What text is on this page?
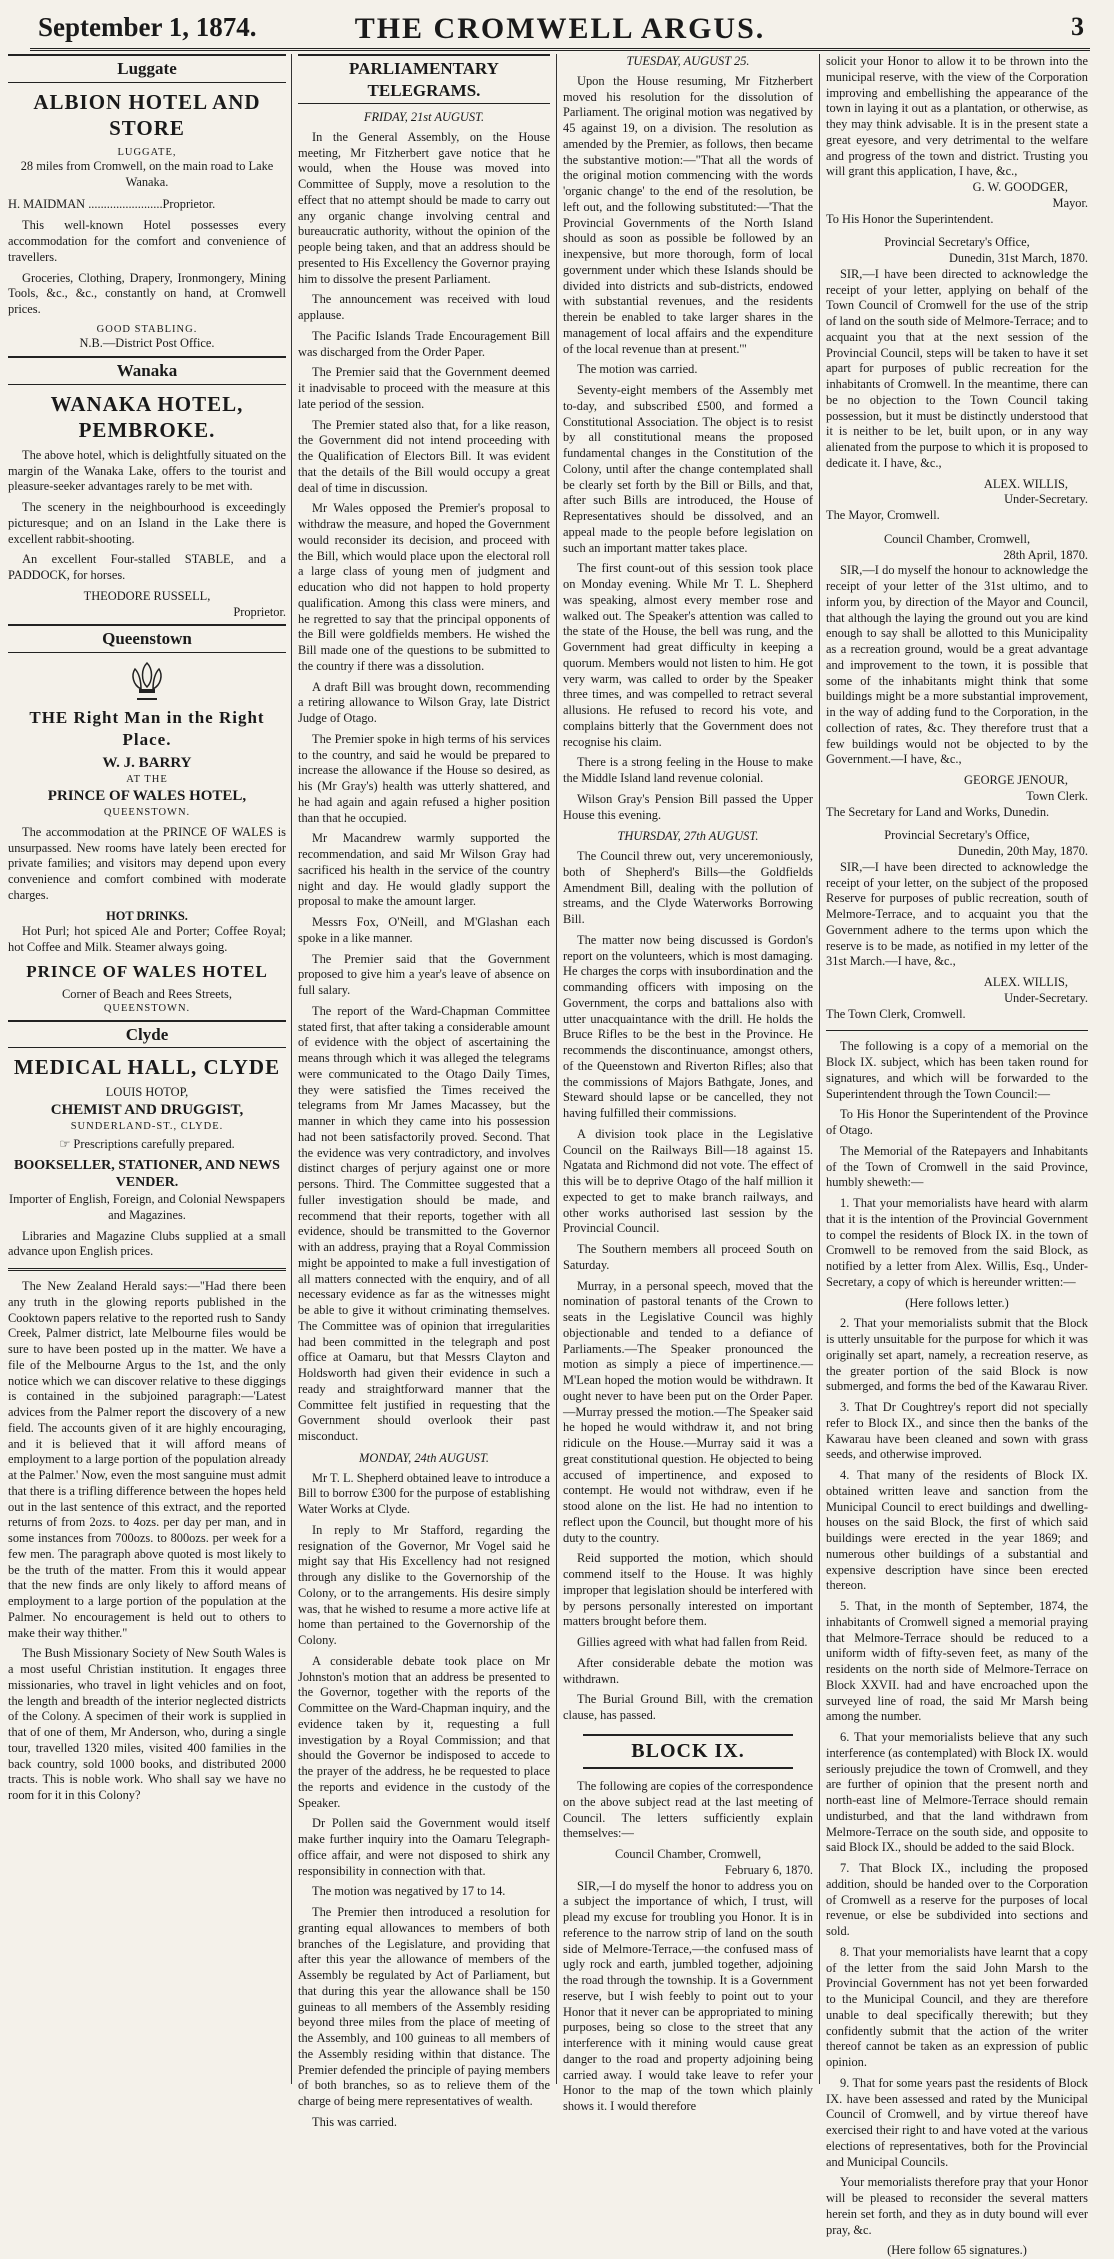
September 1, 1874.	THE CROMWELL ARGUS.	3
Luggate
ALBION HOTEL AND STORE
LUGGATE,
28 miles from Cromwell, on the main road to Lake Wanaka.
H. MAIDMAN ........................Proprietor.

This well-known Hotel possesses every accommodation for the comfort and convenience of travellers.

Groceries, Clothing, Drapery, Ironmongery, Mining Tools, &c., &c., constantly on hand, at Cromwell prices.

GOOD STABLING.
N.B.—District Post Office.
Wanaka
WANAKA HOTEL, PEMBROKE.

The above hotel, which is delightfully situated on the margin of the Wanaka Lake, offers to the tourist and pleasure-seeker advantages rarely to be met with.

The scenery in the neighbourhood is exceedingly picturesque; and on an Island in the Lake there is excellent rabbit-shooting.

An excellent Four-stalled STABLE, and a PADDOCK, for horses.

THEODORE RUSSELL,
Proprietor.
Queenstown
THE Right Man in the Right Place.
W. J. BARRY
AT THE
PRINCE OF WALES HOTEL,
QUEENSTOWN.

The accommodation at the PRINCE OF WALES is unsurpassed. New rooms have lately been erected for private families; and visitors may depend upon every convenience and comfort combined with moderate charges.

HOT DRINKS.

Hot Purl; hot spiced Ale and Porter; Coffee Royal; hot Coffee and Milk. Steamer always going.

PRINCE OF WALES HOTEL
Corner of Beach and Rees Streets,
QUEENSTOWN.
Clyde
MEDICAL HALL, CLYDE
LOUIS HOTOP,
CHEMIST AND DRUGGIST,
SUNDERLAND-ST., CLYDE.
☞ Prescriptions carefully prepared.
BOOKSELLER, STATIONER, AND NEWS VENDER.
Importer of English, Foreign, and Colonial Newspapers and Magazines.

Libraries and Magazine Clubs supplied at a small advance upon English prices.

The New Zealand Herald says:—"Had there been any truth in the glowing reports published in the Cooktown papers relative to the reported rush to Sandy Creek, Palmer district, late Melbourne files would be sure to have been posted up in the matter. We have a file of the Melbourne Argus to the 1st, and the only notice which we can discover relative to these diggings is contained in the subjoined paragraph:—'Latest advices from the Palmer report the discovery of a new field. The accounts given of it are highly encouraging, and it is believed that it will afford means of employment to a large portion of the population already at the Palmer.' Now, even the most sanguine must admit that there is a trifling difference between the hopes held out in the last sentence of this extract, and the reported returns of from 2ozs. to 4ozs. per day per man, and in some instances from 700ozs. to 800ozs. per week for a few men. The paragraph above quoted is most likely to be the truth of the matter. From this it would appear that the new finds are only likely to afford means of employment to a large portion of the population at the Palmer. No encouragement is held out to others to make their way thither."

The Bush Missionary Society of New South Wales is a most useful Christian institution. It engages three missionaries, who travel in light vehicles and on foot, the length and breadth of the interior neglected districts of the Colony. A specimen of their work is supplied in that of one of them, Mr Anderson, who, during a single tour, travelled 1320 miles, visited 400 families in the back country, sold 1000 books, and distributed 2000 tracts. This is noble work. Who shall say we have no room for it in this Colony?

PARLIAMENTARY TELEGRAMS.
FRIDAY, 21st AUGUST.

In the General Assembly, on the House meeting, Mr Fitzherbert gave notice that he would, when the House was moved into Committee of Supply, move a resolution to the effect that no attempt should be made to carry out any organic change involving central and bureaucratic authority, without the opinion of the people being taken, and that an address should be presented to His Excellency the Governor praying him to dissolve the present Parliament.

The announcement was received with loud applause.

The Pacific Islands Trade Encouragement Bill was discharged from the Order Paper.

The Premier said that the Government deemed it inadvisable to proceed with the measure at this late period of the session.

The Premier stated also that, for a like reason, the Government did not intend proceeding with the Qualification of Electors Bill. It was evident that the details of the Bill would occupy a great deal of time in discussion.

Mr Wales opposed the Premier's proposal to withdraw the measure, and hoped the Government would reconsider its decision, and proceed with the Bill, which would place upon the electoral roll a large class of young men of judgment and education who did not happen to hold property qualification. Among this class were miners, and he regretted to say that the principal opponents of the Bill were goldfields members. He wished the Bill made one of the questions to be submitted to the country if there was a dissolution.

A draft Bill was brought down, recommending a retiring allowance to Wilson Gray, late District Judge of Otago.

The Premier spoke in high terms of his services to the country, and said he would be prepared to increase the allowance if the House so desired, as his (Mr Gray's) health was utterly shattered, and he had again and again refused a higher position than that he occupied.

Mr Macandrew warmly supported the recommendation, and said Mr Wilson Gray had sacrificed his health in the service of the country night and day. He would gladly support the proposal to make the amount larger.

Messrs Fox, O'Neill, and M'Glashan each spoke in a like manner.

The Premier said that the Government proposed to give him a year's leave of absence on full salary.

The report of the Ward-Chapman Committee stated first, that after taking a considerable amount of evidence with the object of ascertaining the means through which it was alleged the telegrams were communicated to the Otago Daily Times, they were satisfied the Times received the telegrams from Mr James Macassey, but the manner in which they came into his possession had not been satisfactorily proved. Second. That the evidence was very contradictory, and involves distinct charges of perjury against one or more persons. Third. The Committee suggested that a fuller investigation should be made, and recommend that their reports, together with all evidence, should be transmitted to the Governor with an address, praying that a Royal Commission might be appointed to make a full investigation of all matters connected with the enquiry, and of all necessary evidence as far as the witnesses might be able to give it without criminating themselves. The Committee was of opinion that irregularities had been committed in the telegraph and post office at Oamaru, but that Messrs Clayton and Holdsworth had given their evidence in such a ready and straightforward manner that the Committee felt justified in requesting that the Government should overlook their past misconduct.

MONDAY, 24th AUGUST.

Mr T. L. Shepherd obtained leave to introduce a Bill to borrow £300 for the purpose of establishing Water Works at Clyde.

In reply to Mr Stafford, regarding the resignation of the Governor, Mr Vogel said he might say that His Excellency had not resigned through any dislike to the Governorship of the Colony, or to the arrangements. His desire simply was, that he wished to resume a more active life at home than pertained to the Governorship of the Colony.

A considerable debate took place on Mr Johnston's motion that an address be presented to the Governor, together with the reports of the Committee on the Ward-Chapman inquiry, and the evidence taken by it, requesting a full investigation by a Royal Commission; and that should the Governor be indisposed to accede to the prayer of the address, he be requested to place the reports and evidence in the custody of the Speaker.

Dr Pollen said the Government would itself make further inquiry into the Oamaru Telegraph-office affair, and were not disposed to shirk any responsibility in connection with that.

The motion was negatived by 17 to 14.

The Premier then introduced a resolution for granting equal allowances to members of both branches of the Legislature, and providing that after this year the allowance of members of the Assembly be regulated by Act of Parliament, but that during this year the allowance shall be 150 guineas to all members of the Assembly residing beyond three miles from the place of meeting of the Assembly, and 100 guineas to all members of the Assembly residing within that distance. The Premier defended the principle of paying members of both branches, so as to relieve them of the charge of being mere representatives of wealth.

This was carried.

TUESDAY, AUGUST 25.

Upon the House resuming, Mr Fitzherbert moved his resolution for the dissolution of Parliament. The original motion was negatived by 45 against 19, on a division. The resolution as amended by the Premier, as follows, then became the substantive motion:—"That all the words of the original motion commencing with the words 'organic change' to the end of the resolution, be left out, and the following substituted:—'That the Provincial Governments of the North Island should as soon as possible be followed by an inexpensive, but more thorough, form of local government under which these Islands should be divided into districts and sub-districts, endowed with substantial revenues, and the residents therein be enabled to take larger shares in the management of local affairs and the expenditure of the local revenue than at present.'"

The motion was carried.

Seventy-eight members of the Assembly met to-day, and subscribed £500, and formed a Constitutional Association. The object is to resist by all constitutional means the proposed fundamental changes in the Constitution of the Colony, until after the change contemplated shall be clearly set forth by the Bill or Bills, and that, after such Bills are introduced, the House of Representatives should be dissolved, and an appeal made to the people before legislation on such an important matter takes place.

The first count-out of this session took place on Monday evening. While Mr T. L. Shepherd was speaking, almost every member rose and walked out. The Speaker's attention was called to the state of the House, the bell was rung, and the Government had great difficulty in keeping a quorum. Members would not listen to him. He got very warm, was called to order by the Speaker three times, and was compelled to retract several allusions. He refused to record his vote, and complains bitterly that the Government does not recognise his claim.

There is a strong feeling in the House to make the Middle Island land revenue colonial.

Wilson Gray's Pension Bill passed the Upper House this evening.

THURSDAY, 27th AUGUST.

The Council threw out, very unceremoniously, both of Shepherd's Bills—the Goldfields Amendment Bill, dealing with the pollution of streams, and the Clyde Waterworks Borrowing Bill.

The matter now being discussed is Gordon's report on the volunteers, which is most damaging. He charges the corps with insubordination and the commanding officers with imposing on the Government, the corps and battalions also with utter unacquaintance with the drill. He holds the Bruce Rifles to be the best in the Province. He recommends the discontinuance, amongst others, of the Queenstown and Riverton Rifles; also that the commissions of Majors Bathgate, Jones, and Steward should lapse or be cancelled, they not having fulfilled their commissions.

A division took place in the Legislative Council on the Railways Bill—18 against 15. Ngatata and Richmond did not vote. The effect of this will be to deprive Otago of the half million it expected to get to make branch railways, and other works authorised last session by the Provincial Council.

The Southern members all proceed South on Saturday.

Murray, in a personal speech, moved that the nomination of pastoral tenants of the Crown to seats in the Legislative Council was highly objectionable and tended to a defiance of Parliaments.—The Speaker pronounced the motion as simply a piece of impertinence.—M'Lean hoped the motion would be withdrawn. It ought never to have been put on the Order Paper.—Murray pressed the motion.—The Speaker said he hoped he would withdraw it, and not bring ridicule on the House.—Murray said it was a great constitutional question. He objected to being accused of impertinence, and exposed to contempt. He would not withdraw, even if he stood alone on the list. He had no intention to reflect upon the Council, but thought more of his duty to the country.

Reid supported the motion, which should commend itself to the House. It was highly improper that legislation should be interfered with by persons personally interested on important matters brought before them.

Gillies agreed with what had fallen from Reid.

After considerable debate the motion was withdrawn.

The Burial Ground Bill, with the cremation clause, has passed.

BLOCK IX.

The following are copies of the correspondence on the above subject read at the last meeting of Council. The letters sufficiently explain themselves:—

Council Chamber, Cromwell,
February 6, 1870.

SIR,—I do myself the honor to address you on a subject the importance of which, I trust, will plead my excuse for troubling you Honor. It is in reference to the narrow strip of land on the south side of Melmore-Terrace,—the confused mass of ugly rock and earth, jumbled together, adjoining the road through the township. It is a Government reserve, but I wish feebly to point out to your Honor that it never can be appropriated to mining purposes, being so close to the street that any interference with it mining would cause great danger to the road and property adjoining being carried away. I would take leave to refer your Honor to the map of the town which plainly shows it. I would therefore

solicit your Honor to allow it to be thrown into the municipal reserve, with the view of the Corporation improving and embellishing the appearance of the town in laying it out as a plantation, or otherwise, as they may think advisable. It is in the present state a great eyesore, and very detrimental to the welfare and progress of the town and district. Trusting you will grant this application, I have, &c.,
G. W. GOODGER,
Mayor.
To His Honor the Superintendent.
Provincial Secretary's Office,
Dunedin, 31st March, 1870.

SIR,—I have been directed to acknowledge the receipt of your letter, applying on behalf of the Town Council of Cromwell for the use of the strip of land on the south side of Melmore-Terrace; and to acquaint you that at the next session of the Provincial Council, steps will be taken to have it set apart for purposes of public recreation for the inhabitants of Cromwell. In the meantime, there can be no objection to the Town Council taking possession, but it must be distinctly understood that it is neither to be let, built upon, or in any way alienated from the purpose to which it is proposed to dedicate it. I have, &c.,

ALEX. WILLIS,
Under-Secretary.
The Mayor, Cromwell.
Council Chamber, Cromwell,
28th April, 1870.

SIR,—I do myself the honour to acknowledge the receipt of your letter of the 31st ultimo, and to inform you, by direction of the Mayor and Council, that although the laying the ground out you are kind enough to say shall be allotted to this Municipality as a recreation ground, would be a great advantage and improvement to the town, it is possible that some of the inhabitants might think that some buildings might be a more substantial improvement, in the way of adding fund to the Corporation, in the collection of rates, &c. They therefore trust that a few buildings would not be objected to by the Government.—I have, &c.,

GEORGE JENOUR,
Town Clerk.
The Secretary for Land and Works, Dunedin.
Provincial Secretary's Office,
Dunedin, 20th May, 1870.

SIR,—I have been directed to acknowledge the receipt of your letter, on the subject of the proposed Reserve for purposes of public recreation, south of Melmore-Terrace, and to acquaint you that the Government adhere to the terms upon which the reserve is to be made, as notified in my letter of the 31st March.—I have, &c.,

ALEX. WILLIS,
Under-Secretary.
The Town Clerk, Cromwell.

The following is a copy of a memorial on the Block IX. subject, which has been taken round for signatures, and which will be forwarded to the Superintendent through the Town Council:—

To His Honor the Superintendent of the Province of Otago.

The Memorial of the Ratepayers and Inhabitants of the Town of Cromwell in the said Province, humbly sheweth:—

1. That your memorialists have heard with alarm that it is the intention of the Provincial Government to compel the residents of Block IX. in the town of Cromwell to be removed from the said Block, as notified by a letter from Alex. Willis, Esq., Under-Secretary, a copy of which is hereunder written:—

(Here follows letter.)

2. That your memorialists submit that the Block is utterly unsuitable for the purpose for which it was originally set apart, namely, a recreation reserve, as the greater portion of the said Block is now submerged, and forms the bed of the Kawarau River.

3. That Dr Coughtrey's report did not specially refer to Block IX., and since then the banks of the Kawarau have been cleaned and sown with grass seeds, and otherwise improved.

4. That many of the residents of Block IX. obtained written leave and sanction from the Municipal Council to erect buildings and dwelling-houses on the said Block, the first of which said buildings were erected in the year 1869; and numerous other buildings of a substantial and expensive description have since been erected thereon.

5. That, in the month of September, 1874, the inhabitants of Cromwell signed a memorial praying that Melmore-Terrace should be reduced to a uniform width of fifty-seven feet, as many of the residents on the north side of Melmore-Terrace on Block XXVII. had and have encroached upon the surveyed line of road, the said Mr Marsh being among the number.

6. That your memorialists believe that any such interference (as contemplated) with Block IX. would seriously prejudice the town of Cromwell, and they are further of opinion that the present north and north-east line of Melmore-Terrace should remain undisturbed, and that the land withdrawn from Melmore-Terrace on the south side, and opposite to said Block IX., should be added to the said Block.

7. That Block IX., including the proposed addition, should be handed over to the Corporation of Cromwell as a reserve for the purposes of local revenue, or else be subdivided into sections and sold.

8. That your memorialists have learnt that a copy of the letter from the said John Marsh to the Provincial Government has not yet been forwarded to the Municipal Council, and they are therefore unable to deal specifically therewith; but they confidently submit that the action of the writer thereof cannot be taken as an expression of public opinion.

9. That for some years past the residents of Block IX. have been assessed and rated by the Municipal Council of Cromwell, and by virtue thereof have exercised their right to and have voted at the various elections of representatives, both for the Provincial and Municipal Councils.

Your memorialists therefore pray that your Honor will be pleased to reconsider the several matters herein set forth, and they as in duty bound will ever pray, &c.

(Here follow 65 signatures.)
